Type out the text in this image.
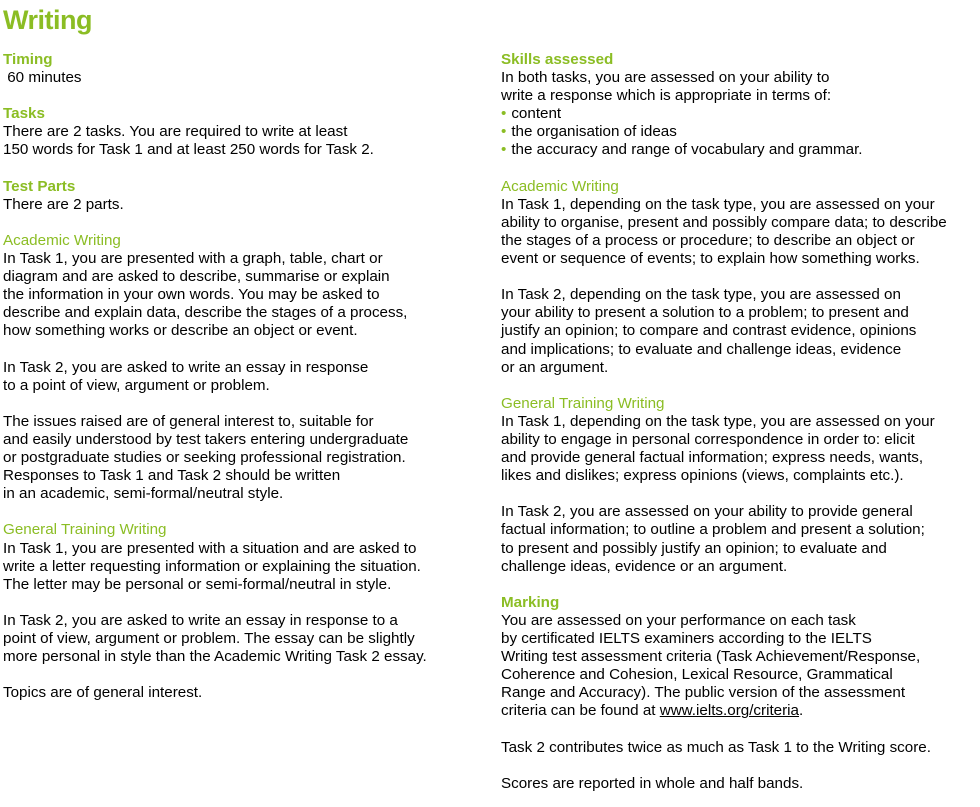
Writing
Timing
60 minutes
Tasks
There are 2 tasks. You are required to write at least
150 words for Task 1 and at least 250 words for Task 2.
Test Parts
There are 2 parts.
Academic Writing
In Task 1, you are presented with a graph, table, chart or
diagram and are asked to describe, summarise or explain
the information in your own words. You may be asked to
describe and explain data, describe the stages of a process,
how something works or describe an object or event.
In Task 2, you are asked to write an essay in response
to a point of view, argument or problem.
The issues raised are of general interest to, suitable for
and easily understood by test takers entering undergraduate
or postgraduate studies or seeking professional registration.
Responses to Task 1 and Task 2 should be written
in an academic, semi-formal/neutral style.
General Training Writing
In Task 1, you are presented with a situation and are asked to
write a letter requesting information or explaining the situation.
The letter may be personal or semi-formal/neutral in style.
In Task 2, you are asked to write an essay in response to a
point of view, argument or problem. The essay can be slightly
more personal in style than the Academic Writing Task 2 essay.
Topics are of general interest.
Skills assessed
In both tasks, you are assessed on your ability to
write a response which is appropriate in terms of:
• content
• the organisation of ideas
• the accuracy and range of vocabulary and grammar.
Academic Writing
In Task 1, depending on the task type, you are assessed on your
ability to organise, present and possibly compare data; to describe
the stages of a process or procedure; to describe an object or
event or sequence of events; to explain how something works.
In Task 2, depending on the task type, you are assessed on
your ability to present a solution to a problem; to present and
justify an opinion; to compare and contrast evidence, opinions
and implications; to evaluate and challenge ideas, evidence
or an argument.
General Training Writing
In Task 1, depending on the task type, you are assessed on your
ability to engage in personal correspondence in order to: elicit
and provide general factual information; express needs, wants,
likes and dislikes; express opinions (views, complaints etc.).
In Task 2, you are assessed on your ability to provide general
factual information; to outline a problem and present a solution;
to present and possibly justify an opinion; to evaluate and
challenge ideas, evidence or an argument.
Marking
You are assessed on your performance on each task
by certificated IELTS examiners according to the IELTS
Writing test assessment criteria (Task Achievement/Response,
Coherence and Cohesion, Lexical Resource, Grammatical
Range and Accuracy). The public version of the assessment
criteria can be found at www.ielts.org/criteria.
Task 2 contributes twice as much as Task 1 to the Writing score.
Scores are reported in whole and half bands.
